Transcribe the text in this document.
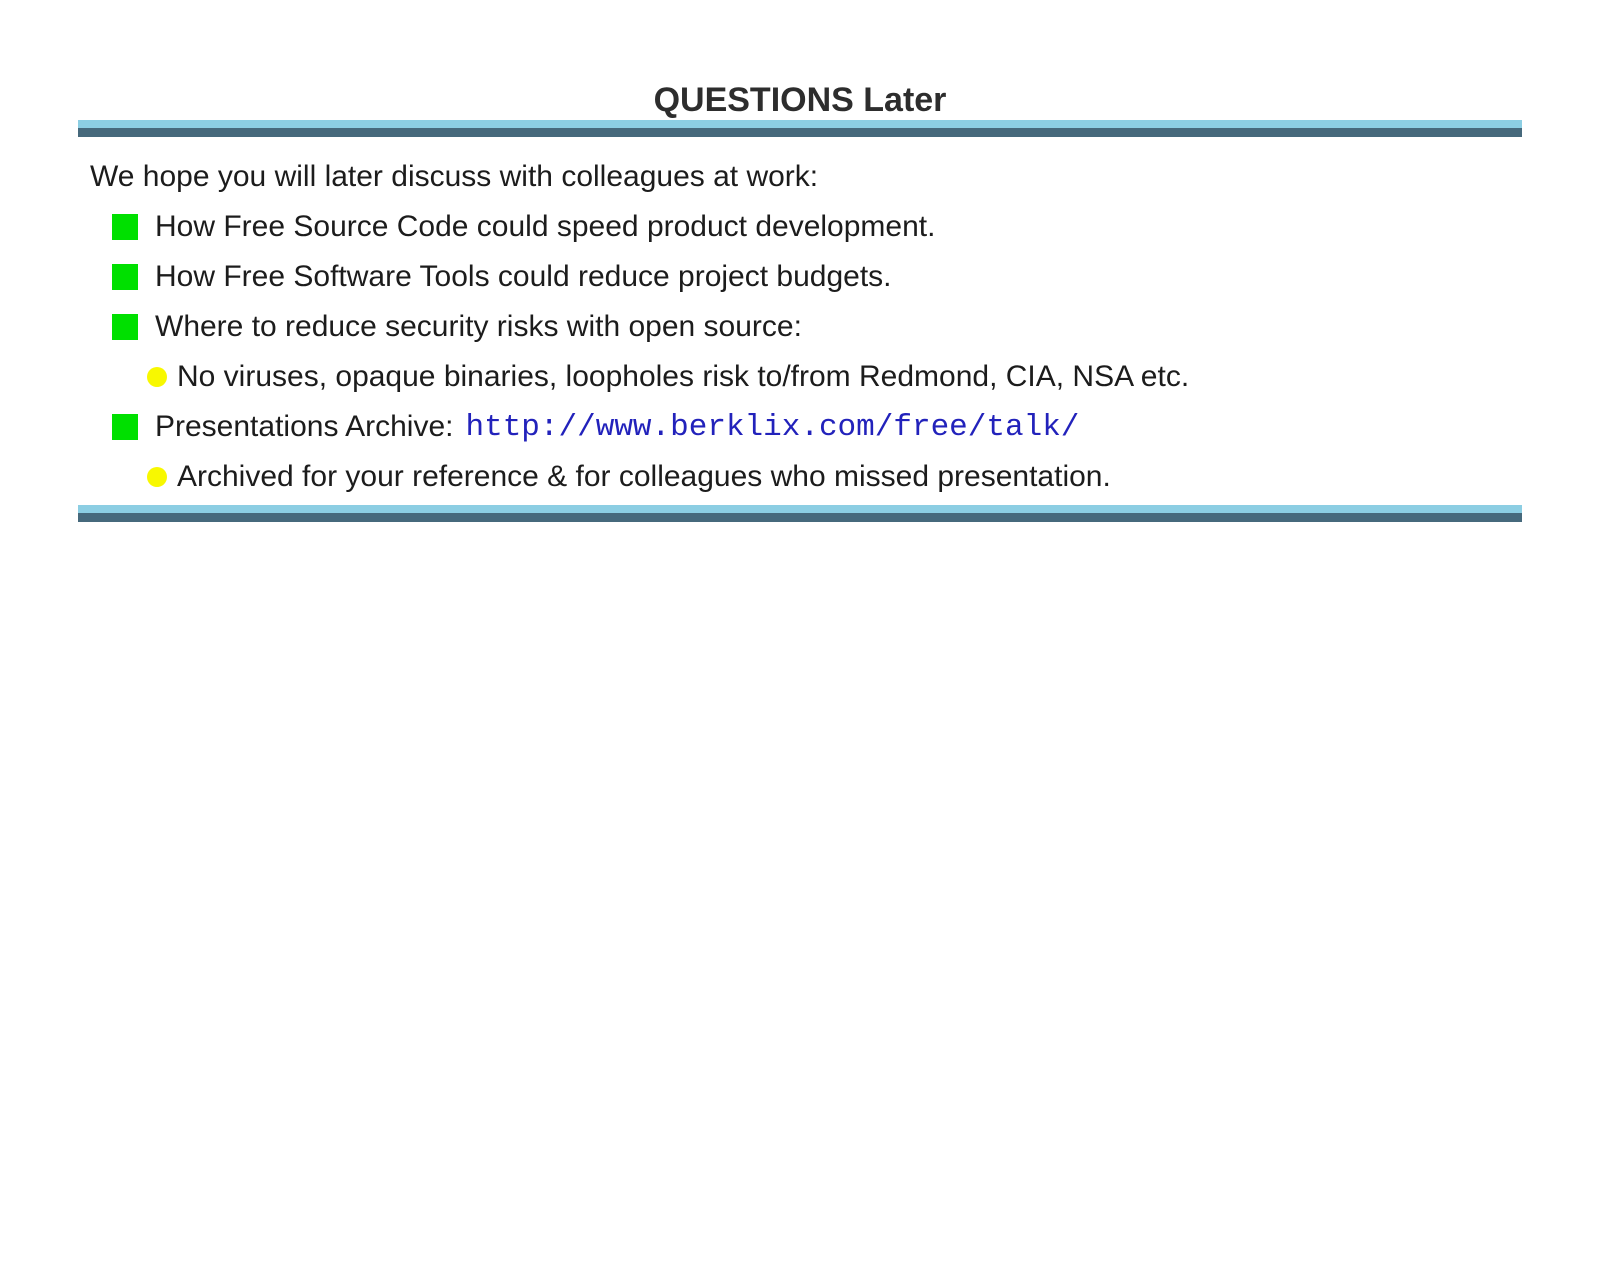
QUESTIONS Later
We hope you will later discuss with colleagues at work:
How Free Source Code could speed product development.
How Free Software Tools could reduce project budgets.
Where to reduce security risks with open source:
No viruses, opaque binaries, loopholes risk to/from Redmond, CIA, NSA etc.
Presentations Archive: http://www.berklix.com/free/talk/
Archived for your reference & for colleagues who missed presentation.
